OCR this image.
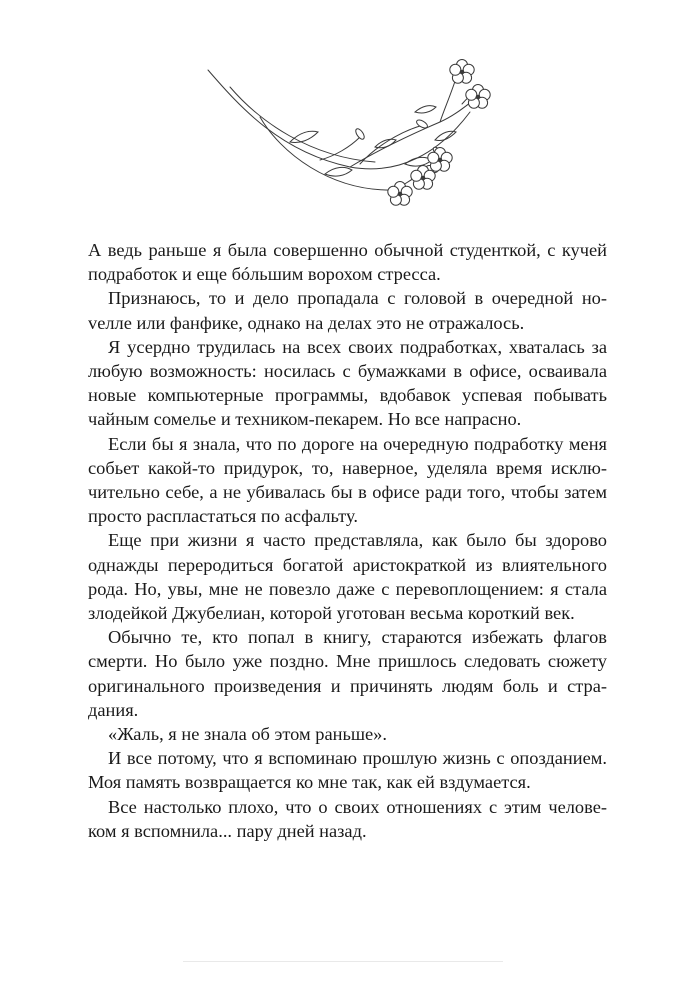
А ведь раньше я была совершенно обычной студенткой, с кучей подработок и еще бóльшим ворохом стресса.

Признаюсь, то и дело пропадала с головой в очередной ноvелле или фанфике, однако на делах это не отражалось.

Я усердно трудилась на всех своих подработках, хваталась за любую возможность: носилась с бумажками в офисе, осваивала новые компьютерные программы, вдобавок успевая побывать чайным сомелье и техником-пекарем. Но все напрасно.

Если бы я знала, что по дороге на очередную подработку меня собьет какой-то придурок, то, наверное, уделяла время исключительно себе, а не убивалась бы в офисе ради того, чтобы затем просто распластаться по асфальту.

Еще при жизни я часто представляла, как было бы здорово однажды переродиться богатой аристократкой из влиятельного рода. Но, увы, мне не повезло даже с перевоплощением: я стала злодейкой Джубелиан, которой уготован весьма короткий век.

Обычно те, кто попал в книгу, стараются избежать флагов смерти. Но было уже поздно. Мне пришлось следовать сюжету оригинального произведения и причинять людям боль и страдания.

«Жаль, я не знала об этом раньше».

И все потому, что я вспоминаю прошлую жизнь с опозданием. Моя память возвращается ко мне так, как ей вздумается.

Все настолько плохо, что о своих отношениях с этим человеком я вспомнила... пару дней назад.
